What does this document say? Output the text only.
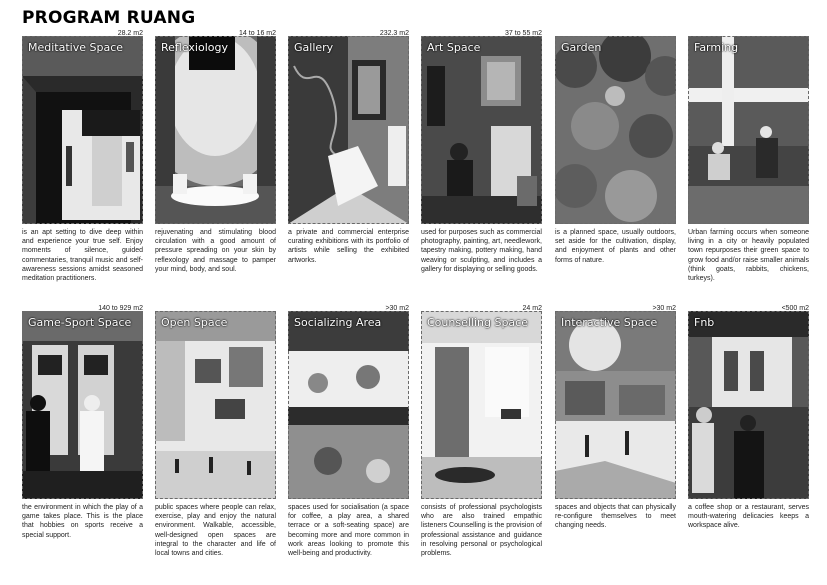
PROGRAM RUANG
Meditative Space
28.2 m2
is an apt setting to dive deep within and experience your true self. Enjoy moments of silence, guided commentaries, tranquil music and self-awareness sessions amidst seasoned meditation practitioners.
Reflexiology
14 to 16 m2
rejuvenating and stimulating blood circulation with a good amount of pressure spreading on your skin by reflexology and massage to pamper your mind, body, and soul.
Gallery
232.3 m2
a private and commercial enterprise curating exhibitions with its portfolio of artists while selling the exhibited artworks.
Art Space
37 to 55 m2
used for purposes such as commercial photography, painting, art, needlework, tapestry making, pottery making, hand weaving or sculpting, and includes a gallery for displaying or selling goods.
Garden
is a planned space, usually outdoors, set aside for the cultivation, display, and enjoyment of plants and other forms of nature.
Farming
Urban farming occurs when someone living in a city or heavily populated town repurposes their green space to grow food and/or raise smaller animals (think goats, rabbits, chickens, turkeys).
Game-Sport Space
140 to 929 m2
the environment in which the play of a game takes place. This is the place that hobbies on sports receive a special support.
Open Space
public spaces where people can relax, exercise, play and enjoy the natural environment. Walkable, accessible, well-designed open spaces are integral to the character and life of local towns and cities.
Socializing Area
>30 m2
spaces used for socialisation (a space for coffee, a play area, a shared terrace or a soft-seating space) are becoming more and more common in work areas looking to promote this well-being and productivity.
Counselling Space
24 m2
consists of professional psychologists who are also trained empathic listeners Counselling is the provision of professional assistance and guidance in resolving personal or psychological problems.
Interactive Space
>30 m2
spaces and objects that can physically re-configure themselves to meet changing needs.
Fnb
<500 m2
a coffee shop or a restaurant, serves mouth-watering delicacies keeps a workspace alive.
